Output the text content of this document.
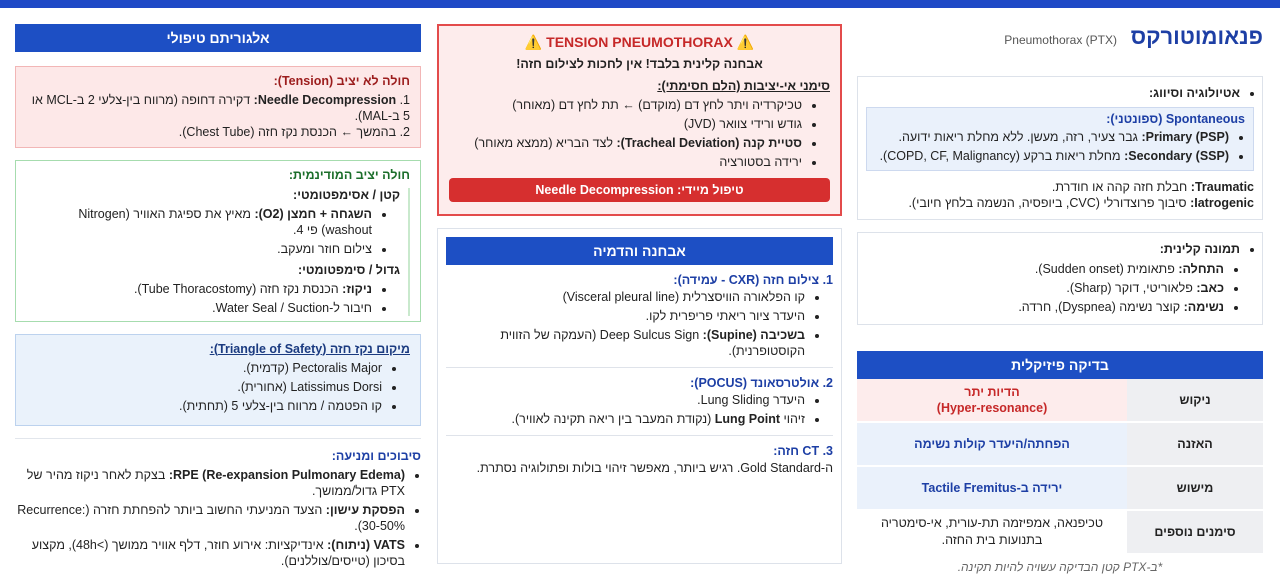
פנאומוטורקס
Pneumothorax (PTX)
• אטיולוגיה וסיווג:
Spontaneous (ספונטני):
• Primary (PSP): גבר צעיר, רזה, מעשן. ללא מחלת ריאות ידועה.
• Secondary (SSP): מחלת ריאות ברקע (COPD, CF, Malignancy).
Traumatic: חבלת חזה קהה או חודרת.
Iatrogenic: סיבוך פרוצדורלי (CVC, ביופסיה, הנשמה בלחץ חיובי).
• תמונה קלינית:
• התחלה: פתאומית (Sudden onset).
• כאב: פלאוריטי, דוקר (Sharp).
• נשימה: קוצר נשימה (Dyspnea), חרדה.
בדיקה פיזיקלית
ניקוש	הדיות יתר
(Hyper-resonance)

האזנה	הפחתה/היעדר קולות נשימה
מישוש	ירידה ב-Tactile Fremitus
סימנים נוספים	טכיפנאה, אמפיזמה תת-עורית, אי-סימטריה בתנועות בית החזה.
*ב-PTX קטן הבדיקה עשויה להיות תקינה.
⚠️ TENSION PNEUMOTHORAX ⚠️
אבחנה קלינית בלבד! אין לחכות לצילום חזה!
סימני אי-יציבות (הלם חסימתי):
• טכיקרדיה ויתר לחץ דם (מוקדם) ← תת לחץ דם (מאוחר)
• גודש ורידי צוואר (JVD)
• סטיית קנה (Tracheal Deviation): לצד הבריא (ממצא מאוחר)
• ירידה בסטורציה
טיפול מיידי: Needle Decompression
אבחנה והדמיה
1. צילום חזה (CXR - עמידה):
• קו הפלאורה הוויסצרלית (Visceral pleural line)
• היעדר ציור ריאתי פריפרית לקו.
• בשכיבה (Supine): Deep Sulcus Sign (העמקה של הזווית הקוסטופרנית).
2. אולטרסאונד (POCUS):
• היעדר Lung Sliding.
• זיהוי Lung Point (נקודת המעבר בין ריאה תקינה לאוויר).
3. CT חזה:
ה-Gold Standard. רגיש ביותר, מאפשר זיהוי בולות ופתולוגיה נסתרת.
אלגוריתם טיפולי
חולה לא יציב (Tension):
1. Needle Decompression: דקירה דחופה (מרווח בין-צלעי 2 ב-MCL או 5 ב-MAL).
2. בהמשך ← הכנסת נקז חזה (Chest Tube).
חולה יציב המודינמית:
קטן / אסימפטומטי:
• השגחה + חמצן (O2): מאיץ את ספיגת האוויר (Nitrogen washout) פי 4.
• צילום חוזר ומעקב.
גדול / סימפטומטי:
• ניקוז: הכנסת נקז חזה (Tube Thoracostomy).
• חיבור ל-Water Seal / Suction.
מיקום נקז חזה (Triangle of Safety):
• Pectoralis Major (קדמית).
• Latissimus Dorsi (אחורית).
• קו הפטמה / מרווח בין-צלעי 5 (תחתית).
סיבוכים ומניעה:
• RPE (Re-expansion Pulmonary Edema): בצקת לאחר ניקוז מהיר של PTX גדול/ממושך.
• הפסקת עישון: הצעד המניעתי החשוב ביותר להפחתת חזרה (Recurrence: 30-50%).
• VATS (ניתוח): אינדיקציות: אירוע חוזר, דלף אוויר ממושך (>48h), מקצוע בסיכון (טייסים/צוללנים).
